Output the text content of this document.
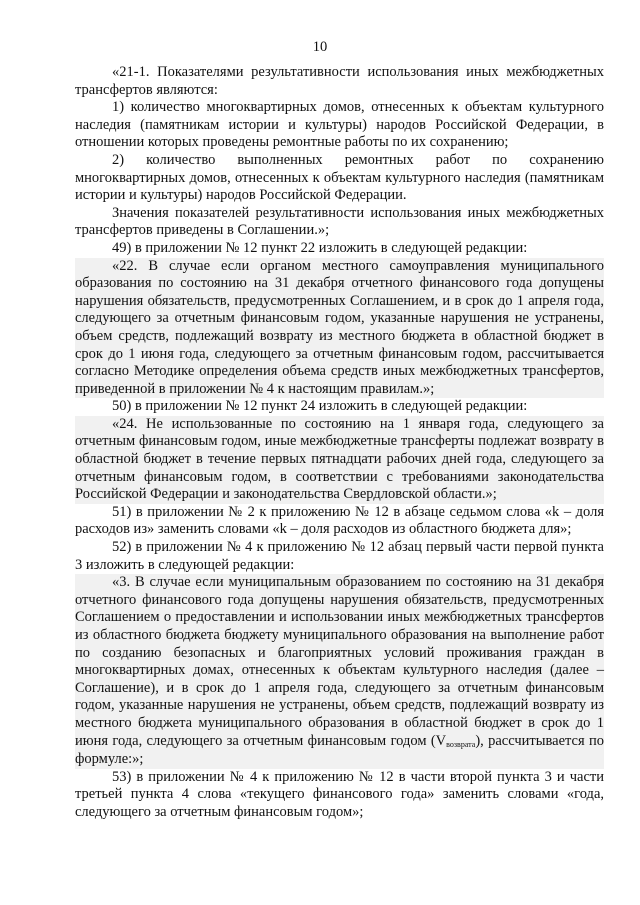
10

«21-1. Показателями результативности использования иных межбюджетных трансфертов являются:

1) количество многоквартирных домов, отнесенных к объектам культурного наследия (памятникам истории и культуры) народов Российской Федерации, в отношении которых проведены ремонтные работы по их сохранению;

2) количество выполненных ремонтных работ по сохранению многоквартирных домов, отнесенных к объектам культурного наследия (памятникам истории и культуры) народов Российской Федерации.

Значения показателей результативности использования иных межбюджетных трансфертов приведены в Соглашении.»;

49) в приложении № 12 пункт 22 изложить в следующей редакции:

«22. В случае если органом местного самоуправления муниципального образования по состоянию на 31 декабря отчетного финансового года допущены нарушения обязательств, предусмотренных Соглашением, и в срок до 1 апреля года, следующего за отчетным финансовым годом, указанные нарушения не устранены, объем средств, подлежащий возврату из местного бюджета в областной бюджет в срок до 1 июня года, следующего за отчетным финансовым годом, рассчитывается согласно Методике определения объема средств иных межбюджетных трансфертов, приведенной в приложении № 4 к настоящим правилам.»;

50) в приложении № 12 пункт 24 изложить в следующей редакции:

«24. Не использованные по состоянию на 1 января года, следующего за отчетным финансовым годом, иные межбюджетные трансферты подлежат возврату в областной бюджет в течение первых пятнадцати рабочих дней года, следующего за отчетным финансовым годом, в соответствии с требованиями законодательства Российской Федерации и законодательства Свердловской области.»;

51) в приложении № 2 к приложению № 12 в абзаце седьмом слова «k – доля расходов из» заменить словами «k – доля расходов из областного бюджета для»;

52) в приложении № 4 к приложению № 12 абзац первый части первой пункта 3 изложить в следующей редакции:

«3. В случае если муниципальным образованием по состоянию на 31 декабря отчетного финансового года допущены нарушения обязательств, предусмотренных Соглашением о предоставлении и использовании иных межбюджетных трансфертов из областного бюджета бюджету муниципального образования на выполнение работ по созданию безопасных и благоприятных условий проживания граждан в многоквартирных домах, отнесенных к объектам культурного наследия (далее – Соглашение), и в срок до 1 апреля года, следующего за отчетным финансовым годом, указанные нарушения не устранены, объем средств, подлежащий возврату из местного бюджета муниципального образования в областной бюджет в срок до 1 июня года, следующего за отчетным финансовым годом $(V_{возврата})$, рассчитывается по формуле:»;

53) в приложении № 4 к приложению № 12 в части второй пункта 3 и части третьей пункта 4 слова «текущего финансового года» заменить словами «года, следующего за отчетным финансовым годом»;
